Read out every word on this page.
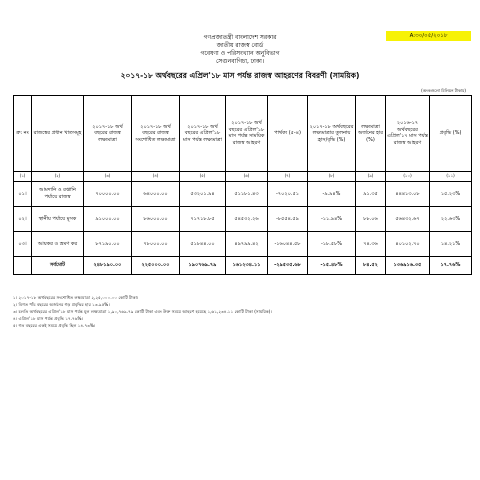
A:৩০/০৫/২০১৮
গণপ্রজাতন্ত্রী বাংলাদেশ সরকার
জাতীয় রাজস্ব বোর্ড
গবেষণা ও পরিসংখ্যান অনুবিভাগ
সেগুনবাগিচা, ঢাকা।
২০১৭-১৮ অর্থবছরের এপ্রিল'১৮ মাস পর্যন্ত রাজস্ব আহরণের বিবরণী (সাময়িক)
(অংকগুলো মিলিয়ন টাকায়)
ক্র: নং	রাজস্বের প্রধান খাতসমূহ	২০১৭-১৮ অর্থ বছরের রাজস্ব লক্ষ্যমাত্রা	২০১৭-১৮ অর্থ বছরের রাজস্ব সংশোধিত লক্ষ্যমাত্রা	২০১৭-১৮ অর্থ বছরের এপ্রিল'১৮ মাস পর্যন্ত লক্ষ্যমাত্রা	২০১৭-১৮ অর্থ বছরের এপ্রিল'১৮ মাস পর্যন্ত সাময়িক রাজস্ব আহরণ	পার্থক্য (৫-৪)	২০১৭-১৮ অর্থবছরের লক্ষ্যমাত্রার তুলনায় হ্রাস/বৃদ্ধি (%)	লক্ষ্যমাত্রা অর্জনের হার (%)	২০১৬-১৭ অর্থবছরের এপ্রিল'১৭ মাস পর্যন্ত রাজস্ব আহরণ	প্রবৃদ্ধি (%)
(১)	(২)	(৩)	(৪)	(৫)	(৬)	(৭)	(৮)	(৯)	(১০)	(১১)
০১।	আমদানি ও রপ্তানি পর্যায়ে রাজস্ব	৭০০০০.০০	৬৪০০০.০০	৫৩২০১.৯৪	৫১১৮১.৪৩	-৭০২০.৫১	-৯.৯৪%	৯১.৩৫	৪৪৪১৩.০৮	১৫.২৩%
০২।	স্থানীয় পর্যায়ে মূসক	৯১০০০.০০	৮৬০০০.০০	৭১৭১৮.৮৫	৫৪৫৩২.২৬	-৮৫৫৪.৫৯	-১১.৯৪%	৮৮.০৬	৫৬৪৩২.৬৭	২২.৬৩%
০৩।	আয়কর ও ভ্রমণ কর	৮৭১৯০.০০	৭৮০০০.০০	৫১৮৪৪.০০	৪৯৭৯৯.৪২	-১৬০৪৪.৫৮	-১৮.৫৮%	৭৪.৩৬	৪০১০২.৭০	১৪.২১%
	সর্বমোট	২৪৮১৯০.০০	২২৫০০০.০০	১৯০৭৬৯.৭৯	১৬১২৩৪.১১	-২৯৫৩৫.৬৮	-১৫.৪৮%	৮৪.৫২	১৩৬৯১৬.৩৫	১৭.৭৬%
১। ২০১৭-১৮ অর্থবছরের সংশোধিত লক্ষ্যমাত্রা ২,২৫,০০০.০০ কোটি টাকা।
২। বিগত পাঁচ বছরের অর্জনের গড় প্রবৃদ্ধির হার ১৩.৯৫%।
৩। চলতি অর্থবছরের এপ্রিল'১৮ মাস পর্যন্ত মূল লক্ষ্যমাত্রা ১,৯০,৭৬৯.৭৯ কোটি টাকা এবং উক্ত সময়ে আহরণ হয়েছে ১,৬১,২৩৪.১১ কোটি টাকা (সাময়িক)।
৪। এপ্রিল'১৮ মাস পর্যন্ত প্রবৃদ্ধি ১৭.৭৬%।
৫। গত বছরের একই সময়ে প্রবৃদ্ধি ছিল ১৪.৭৩%।
